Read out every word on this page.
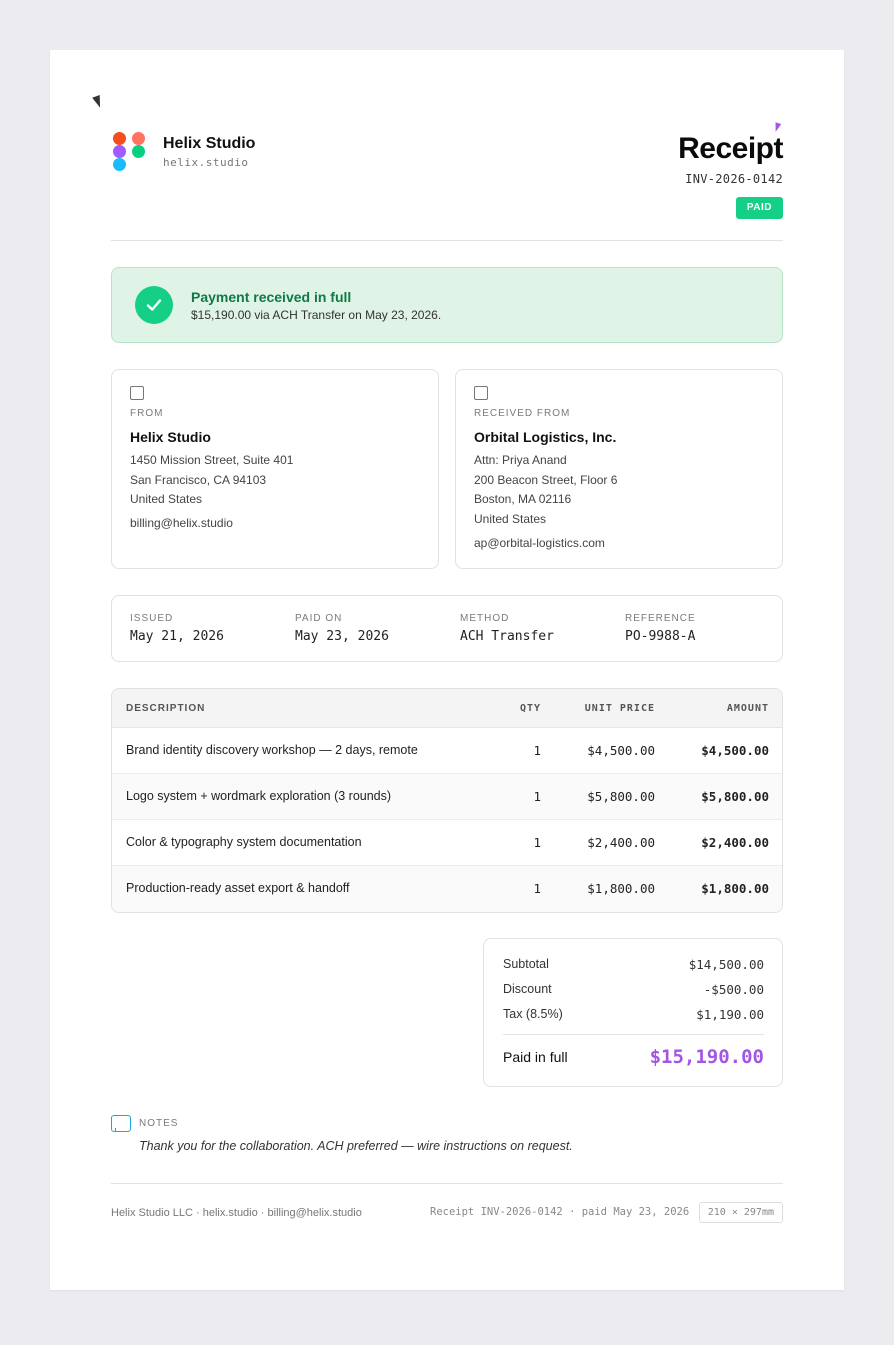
Helix Studio
helix.studio	Receipt
INV-2026-0142
PAID
Payment received in full
$15,190.00 via ACH Transfer on May 23, 2026.
FROM
Helix Studio
1450 Mission Street, Suite 401
San Francisco, CA 94103
United States
billing@helix.studio
RECEIVED FROM
Orbital Logistics, Inc.
Attn: Priya Anand
200 Beacon Street, Floor 6
Boston, MA 02116
United States
ap@orbital-logistics.com
ISSUED
May 21, 2026
PAID ON
May 23, 2026
METHOD
ACH Transfer
REFERENCE
PO-9988-A
DESCRIPTION	QTY	UNIT PRICE	AMOUNT
Brand identity discovery workshop — 2 days, remote	1	$4,500.00	$4,500.00
Logo system + wordmark exploration (3 rounds)	1	$5,800.00	$5,800.00
Color & typography system documentation	1	$2,400.00	$2,400.00
Production-ready asset export & handoff	1	$1,800.00	$1,800.00
Subtotal	$14,500.00
Discount	-$500.00
Tax (8.5%)	$1,190.00
Paid in full	$15,190.00
NOTES
Thank you for the collaboration. ACH preferred — wire instructions on request.
Helix Studio LLC · helix.studio · billing@helix.studio	Receipt INV-2026-0142 · paid May 23, 2026	210 × 297mm
